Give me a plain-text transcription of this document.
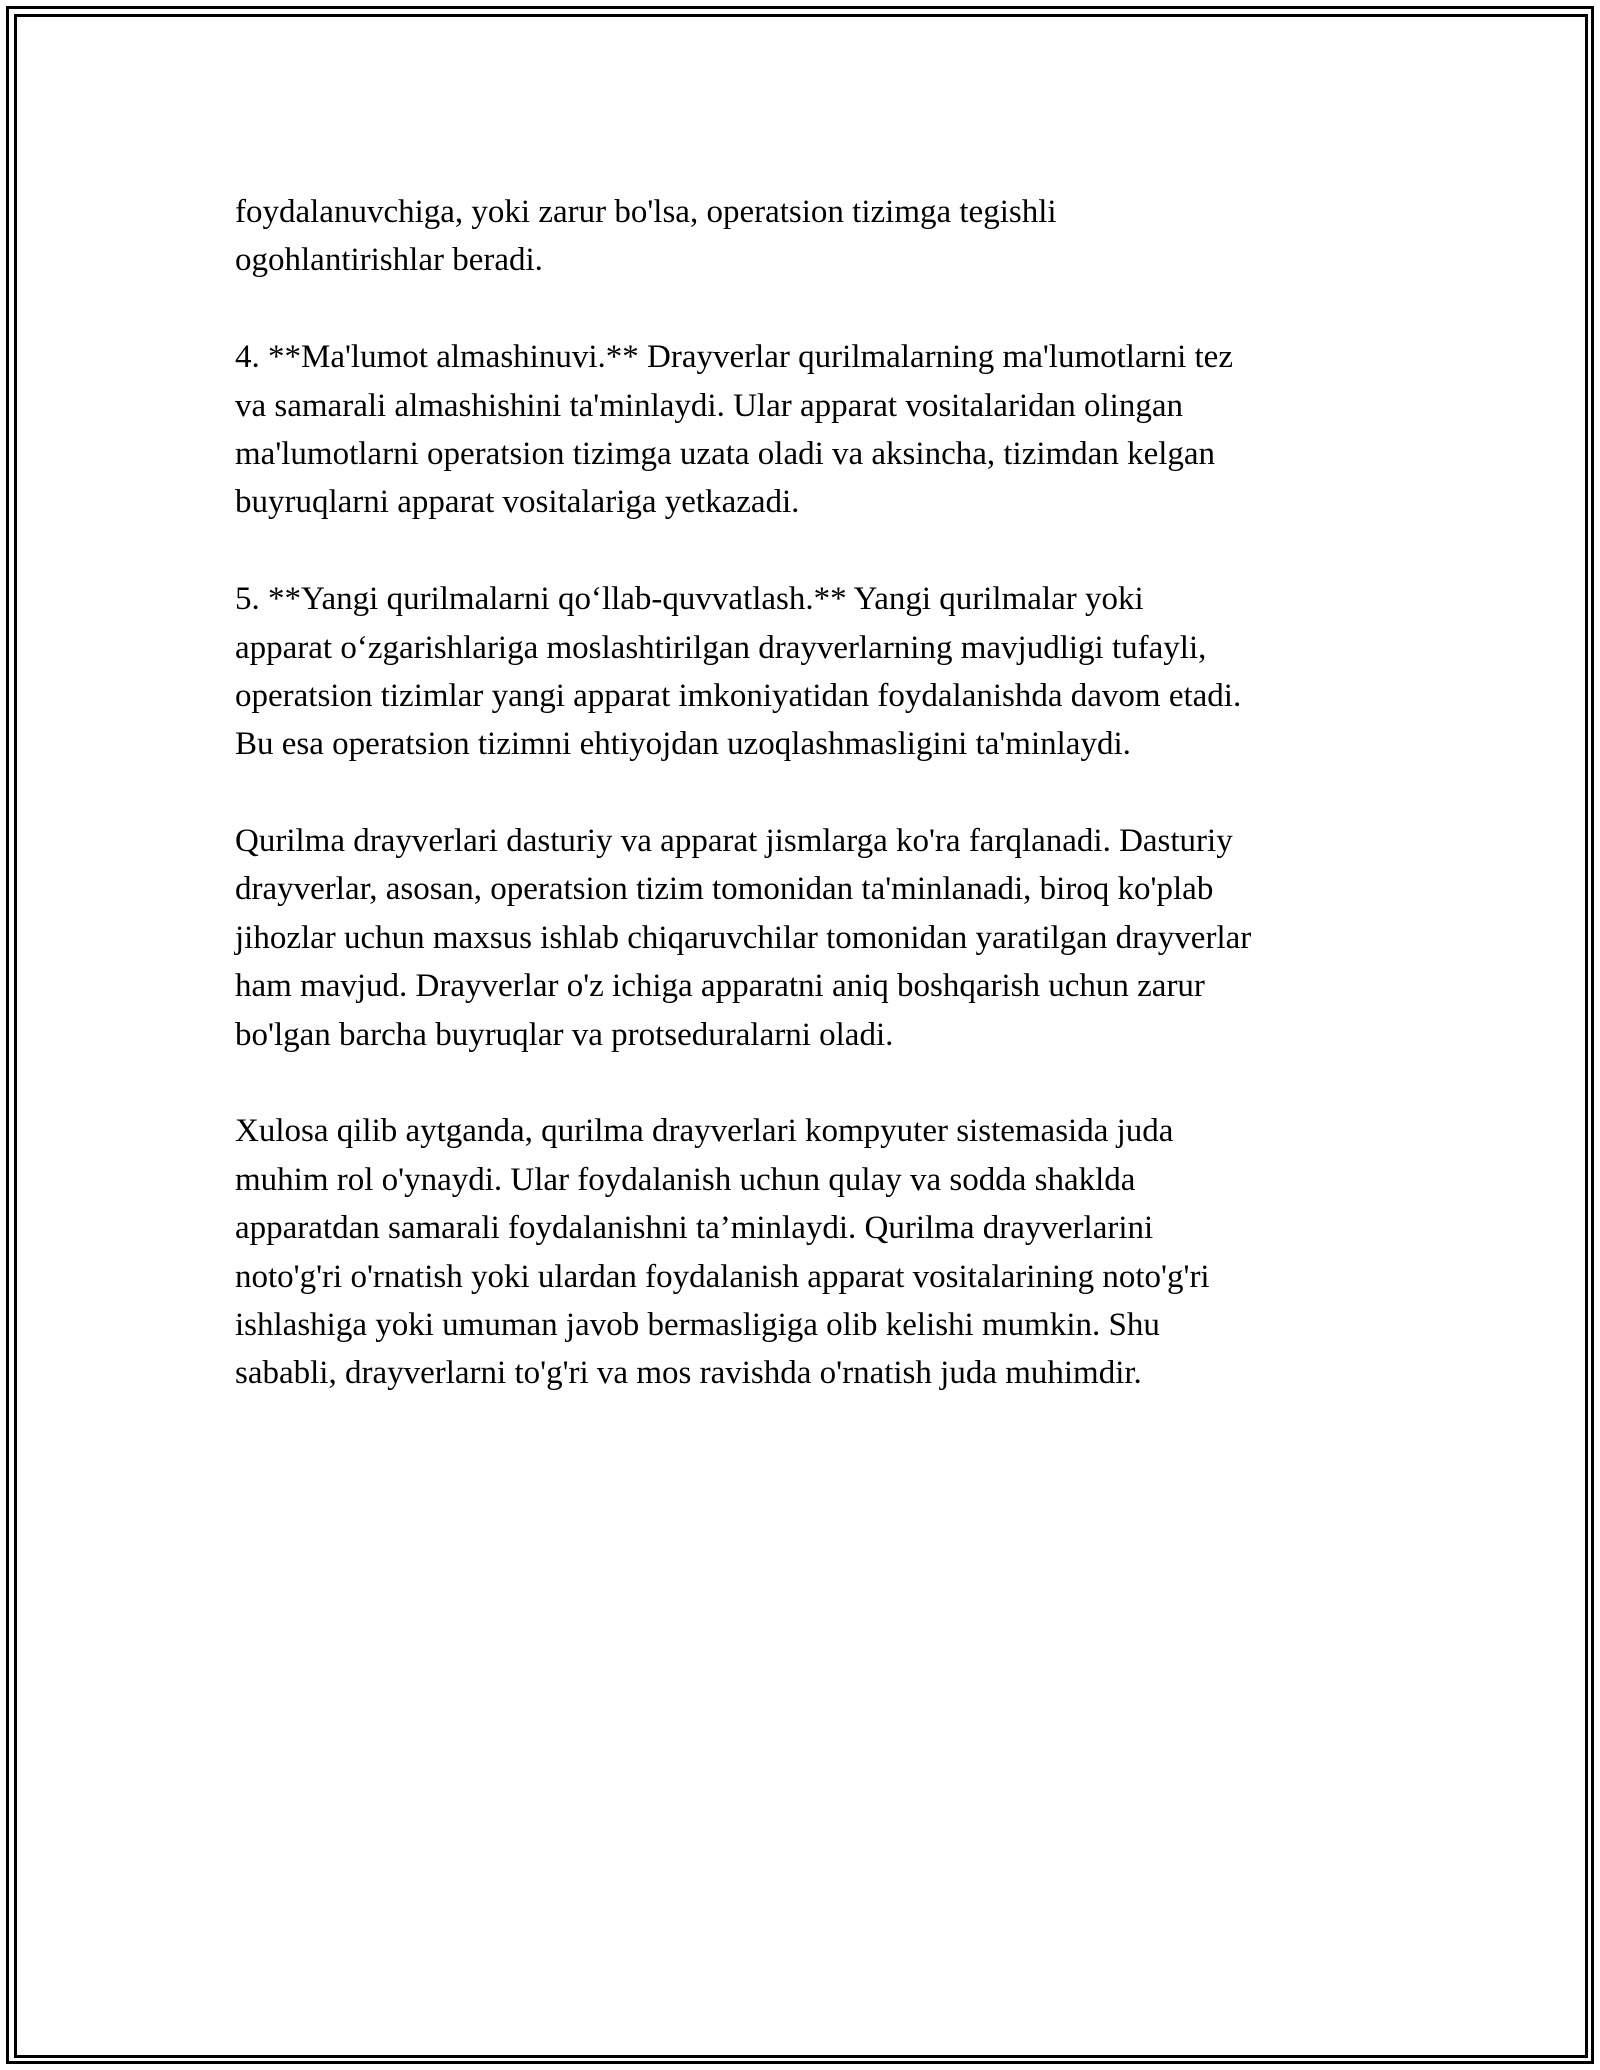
foydalanuvchiga, yoki zarur bo'lsa, operatsion tizimga tegishli
ogohlantirishlar beradi.
4. **Ma'lumot almashinuvi.** Drayverlar qurilmalarning ma'lumotlarni tez
va samarali almashishini ta'minlaydi. Ular apparat vositalaridan olingan
ma'lumotlarni operatsion tizimga uzata oladi va aksincha, tizimdan kelgan
buyruqlarni apparat vositalariga yetkazadi.
5. **Yangi qurilmalarni qo‘llab-quvvatlash.** Yangi qurilmalar yoki
apparat o‘zgarishlariga moslashtirilgan drayverlarning mavjudligi tufayli,
operatsion tizimlar yangi apparat imkoniyatidan foydalanishda davom etadi.
Bu esa operatsion tizimni ehtiyojdan uzoqlashmasligini ta'minlaydi.
Qurilma drayverlari dasturiy va apparat jismlarga ko'ra farqlanadi. Dasturiy
drayverlar, asosan, operatsion tizim tomonidan ta'minlanadi, biroq ko'plab
jihozlar uchun maxsus ishlab chiqaruvchilar tomonidan yaratilgan drayverlar
ham mavjud. Drayverlar o'z ichiga apparatni aniq boshqarish uchun zarur
bo'lgan barcha buyruqlar va protseduralarni oladi.
Xulosa qilib aytganda, qurilma drayverlari kompyuter sistemasida juda
muhim rol o'ynaydi. Ular foydalanish uchun qulay va sodda shaklda
apparatdan samarali foydalanishni ta’minlaydi. Qurilma drayverlarini
noto'g'ri o'rnatish yoki ulardan foydalanish apparat vositalarining noto'g'ri
ishlashiga yoki umuman javob bermasligiga olib kelishi mumkin. Shu
sababli, drayverlarni to'g'ri va mos ravishda o'rnatish juda muhimdir.
